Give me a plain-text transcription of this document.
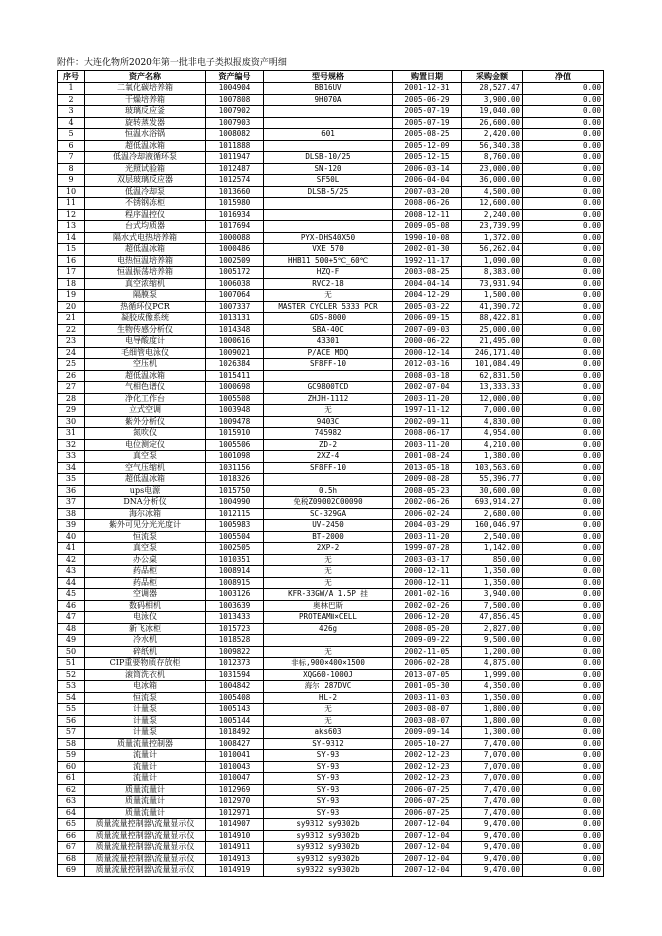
附件：大连化物所2020年第一批非电子类拟报废资产明细
序号	资产名称	资产编号	型号规格	购置日期	采购金额	净值
1	二氧化碳培养箱	1004904	BB16UV	2001-12-31	28,527.47	0.00
2	干燥培养箱	1007808	9H070A	2005-06-29	3,900.00	0.00
3	玻璃反应釜	1007902		2005-07-19	19,040.00	0.00
4	旋转蒸发器	1007903		2005-07-19	26,600.00	0.00
5	恒温水浴锅	1008082	601	2005-08-25	2,420.00	0.00
6	超低温冰箱	1011888		2005-12-09	56,340.38	0.00
7	低温冷却液循环泵	1011947	DLSB-10/25	2005-12-15	8,760.00	0.00
8	光照试验箱	1012487	SN-120	2006-03-14	23,000.00	0.00
9	双层玻璃反应器	1012574	SF50L	2006-04-04	36,000.00	0.00
10	低温冷却泵	1013660	DLSB-5/25	2007-03-20	4,500.00	0.00
11	不锈钢冻柜	1015980		2008-06-26	12,600.00	0.00
12	程序温控仪	1016934		2008-12-11	2,240.00	0.00
13	台式均质器	1017694		2009-05-08	23,739.99	0.00
14	隔水式电热培养箱	1000088	PYX-DHS40X50	1990-10-08	1,372.00	0.00
15	超低温冰箱	1000486	VXE 570	2002-01-30	56,262.04	0.00
16	电热恒温培养箱	1002509	HHB11 500+5℃_60℃	1992-11-17	1,090.00	0.00
17	恒温振荡培养箱	1005172	HZQ-F	2003-08-25	8,383.00	0.00
18	真空浓缩机	1006038	RVC2-18	2004-04-14	73,931.94	0.00
19	隔膜泵	1007064	无	2004-12-29	1,500.00	0.00
20	热循环仪PCR	1007337	MASTER CYCLER 5333 PCR	2005-03-22	41,390.72	0.00
21	凝胶成像系统	1013131	GDS-8000	2006-09-15	88,422.81	0.00
22	生物传感分析仪	1014348	SBA-40C	2007-09-03	25,000.00	0.00
23	电导酸度计	1000616	43301	2000-06-22	21,495.00	0.00
24	毛细管电泳仪	1009021	P/ACE MDQ	2000-12-14	246,171.40	0.00
25	空压机	1026384	SF8FF-10	2012-03-16	101,084.49	0.00
26	超低温冰箱	1015411		2008-03-18	62,831.50	0.00
27	气相色谱仪	1000698	GC9800TCD	2002-07-04	13,333.33	0.00
28	净化工作台	1005508	ZHJH-1112	2003-11-20	12,000.00	0.00
29	立式空调	1003948	无	1997-11-12	7,000.00	0.00
30	紫外分析仪	1009478	9403C	2002-09-11	4,830.00	0.00
31	氮吹仪	1015910	745982	2008-06-17	4,954.00	0.00
32	电位测定仪	1005506	ZD-2	2003-11-20	4,210.00	0.00
33	真空泵	1001098	2XZ-4	2001-08-24	1,380.00	0.00
34	空气压缩机	1031156	SF8FF-10	2013-05-18	103,563.60	0.00
35	超低温冰箱	1018326		2009-08-28	55,396.77	0.00
36	ups电源	1015750	0.5h	2008-05-23	30,600.00	0.00
37	DNA分析仪	1004990	免税Z09002C00090	2002-06-26	693,914.27	0.00
38	海尔冰箱	1012115	SC-329GA	2006-02-24	2,680.00	0.00
39	紫外可见分光光度计	1005983	UV-2450	2004-03-29	160,046.97	0.00
40	恒流泵	1005504	BT-2000	2003-11-20	2,540.00	0.00
41	真空泵	1002505	2XP-2	1999-07-28	1,142.00	0.00
42	办公桌	1010351	无	2003-03-17	850.00	0.00
43	药品柜	1008914	无	2000-12-11	1,350.00	0.00
44	药品柜	1008915	无	2000-12-11	1,350.00	0.00
45	空调器	1003126	KFR-33GW/A 1.5P 挂	2001-02-16	3,940.00	0.00
46	数码相机	1003639	奥林巴斯	2002-02-26	7,500.00	0.00
47	电泳仪	1013433	PROTEAMⅡ×CELL	2006-12-20	47,856.45	0.00
48	新飞冰柜	1015723	426g	2008-05-20	2,827.00	0.00
49	冷水机	1018528		2009-09-22	9,500.00	0.00
50	碎纸机	1009822	无	2002-11-05	1,200.00	0.00
51	CIP重要物质存放柜	1012373	非标,900×400×1500	2006-02-28	4,875.00	0.00
52	滚筒洗衣机	1031594	XQG60-1000J	2013-07-05	1,999.00	0.00
53	电冰箱	1004842	海尔 287DVC	2001-05-30	4,350.00	0.00
54	恒流泵	1005408	HL-2	2003-11-03	1,350.00	0.00
55	计量泵	1005143	无	2003-08-07	1,800.00	0.00
56	计量泵	1005144	无	2003-08-07	1,800.00	0.00
57	计量泵	1018492	aks603	2009-09-14	1,300.00	0.00
58	质量流量控制器	1008427	SY-9312	2005-10-27	7,470.00	0.00
59	流量计	1010041	SY-93	2002-12-23	7,070.00	0.00
60	流量计	1010043	SY-93	2002-12-23	7,070.00	0.00
61	流量计	1010047	SY-93	2002-12-23	7,070.00	0.00
62	质量流量计	1012969	SY-93	2006-07-25	7,470.00	0.00
63	质量流量计	1012970	SY-93	2006-07-25	7,470.00	0.00
64	质量流量计	1012971	SY-93	2006-07-25	7,470.00	0.00
65	质量流量控制器\流量显示仪	1014907	sy9312 sy9302b	2007-12-04	9,470.00	0.00
66	质量流量控制器\流量显示仪	1014910	sy9312 sy9302b	2007-12-04	9,470.00	0.00
67	质量流量控制器\流量显示仪	1014911	sy9312 sy9302b	2007-12-04	9,470.00	0.00
68	质量流量控制器\流量显示仪	1014913	sy9312 sy9302b	2007-12-04	9,470.00	0.00
69	质量流量控制器\流量显示仪	1014919	sy9322 sy9302b	2007-12-04	9,470.00	0.00
